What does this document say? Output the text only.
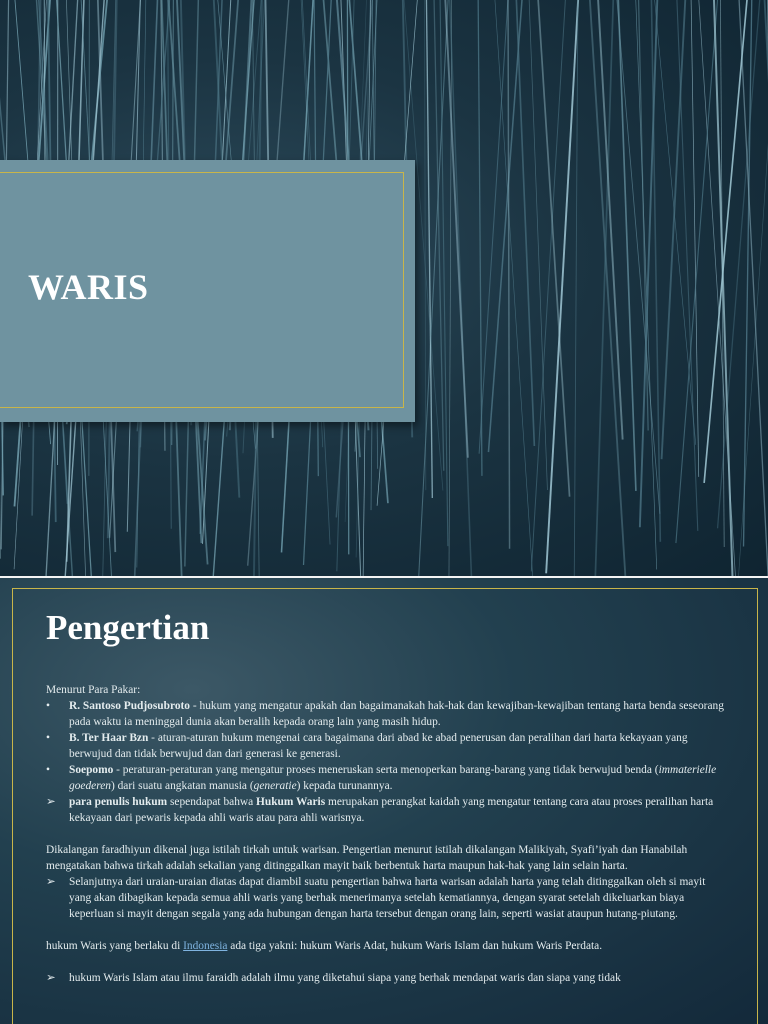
WARIS
Pengertian

Menurut Para Pakar:

•	R. Santoso Pudjosubroto - hukum yang mengatur apakah dan bagaimanakah hak-hak dan kewajiban-kewajiban tentang harta benda seseorang pada waktu ia meninggal dunia akan beralih kepada orang lain yang masih hidup.
•	B. Ter Haar Bzn - aturan-aturan hukum mengenai cara bagaimana dari abad ke abad penerusan dan peralihan dari harta kekayaan yang berwujud dan tidak berwujud dan dari generasi ke generasi.
•	Soepomo - peraturan-peraturan yang mengatur proses meneruskan serta menoperkan barang-barang yang tidak berwujud benda (immaterielle goederen) dari suatu angkatan manusia (generatie) kepada turunannya.
➢	para penulis hukum sependapat bahwa Hukum Waris merupakan perangkat kaidah yang mengatur tentang cara atau proses peralihan harta kekayaan dari pewaris kepada ahli waris atau para ahli warisnya.

Dikalangan faradhiyun dikenal juga istilah tirkah untuk warisan. Pengertian menurut istilah dikalangan Malikiyah, Syafi’iyah dan Hanabilah mengatakan bahwa tirkah adalah sekalian yang ditinggalkan mayit baik berbentuk harta maupun hak-hak yang lain selain harta.

➢	Selanjutnya dari uraian-uraian diatas dapat diambil suatu pengertian bahwa harta warisan adalah harta yang telah ditinggalkan oleh si mayit yang akan dibagikan kepada semua ahli waris yang berhak menerimanya setelah kematiannya, dengan syarat setelah dikeluarkan biaya keperluan si mayit dengan segala yang ada hubungan dengan harta tersebut dengan orang lain, seperti wasiat ataupun hutang-piutang.

hukum Waris yang berlaku di Indonesia ada tiga yakni: hukum Waris Adat, hukum Waris Islam dan hukum Waris Perdata.

➢	hukum Waris Islam atau ilmu faraidh adalah ilmu yang diketahui siapa yang berhak mendapat waris dan siapa yang tidak
